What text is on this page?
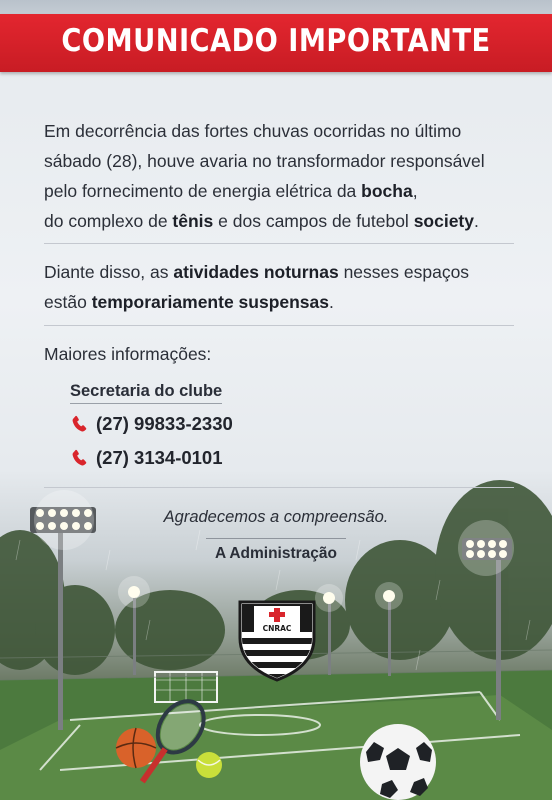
COMUNICADO IMPORTANTE
Em decorrência das fortes chuvas ocorridas no último
sábado (28), houve avaria no transformador responsável
pelo fornecimento de energia elétrica da bocha,
do complexo de tênis e dos campos de futebol society.
Diante disso, as atividades noturnas nesses espaços
estão temporariamente suspensas.
Maiores informações:
Secretaria do clube
(27) 99833-2330
(27) 3134-0101
Agradecemos a compreensão.
A Administração
CNRAC
